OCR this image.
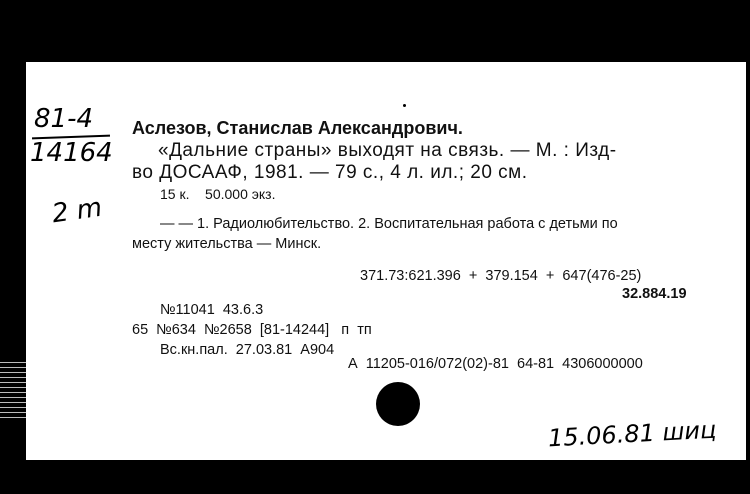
81-4
14164
2 m
Аслезов, Станислав Александрович.
«Дальние страны» выходят на связь. — М. : Изд-
во ДОСААФ, 1981. — 79 с., 4 л. ил.; 20 см.
15 к.    50.000 экз.
— — 1. Радиолюбительство. 2. Воспитательная работа с детьми по
месту жительства — Минск.
371.73:621.396  +  379.154  +  647(476-25)
32.884.19
№11041  43.6.3
65  №634  №2658  [81-14244]   п  тп
Вс.кн.пал.  27.03.81  А904
А  11205-016/072(02)-81  64-81  4306000000
15.06.81 шиц
